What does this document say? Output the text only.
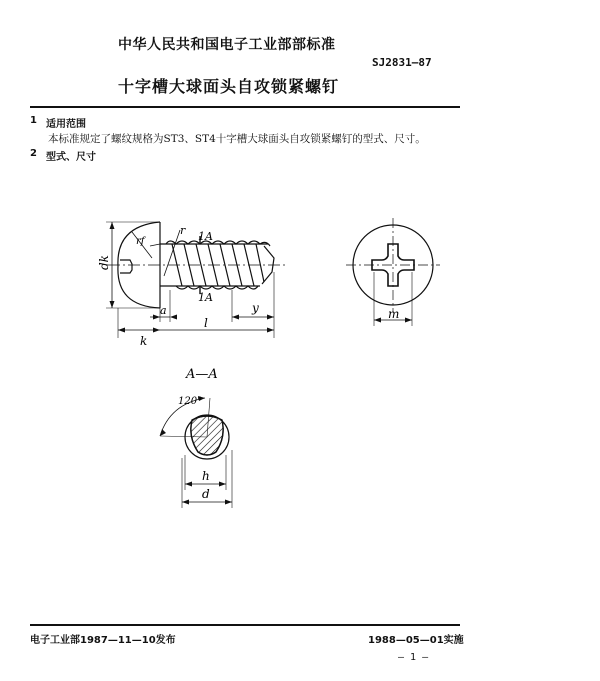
中华人民共和国电子工业部部标准
SJ2831—87
十字槽大球面头自攻锁紧螺钉
1 适用范围
本标准规定了螺纹规格为ST3、ST4十字槽大球面头自攻锁紧螺钉的型式、尺寸。
2 型式、尺寸
dk
rf
r 1A
1A
a
k
l
y	m
A—A
120°
h
d
电子工业部1987—11—10发布	1988—05—01实施
— 1 —
